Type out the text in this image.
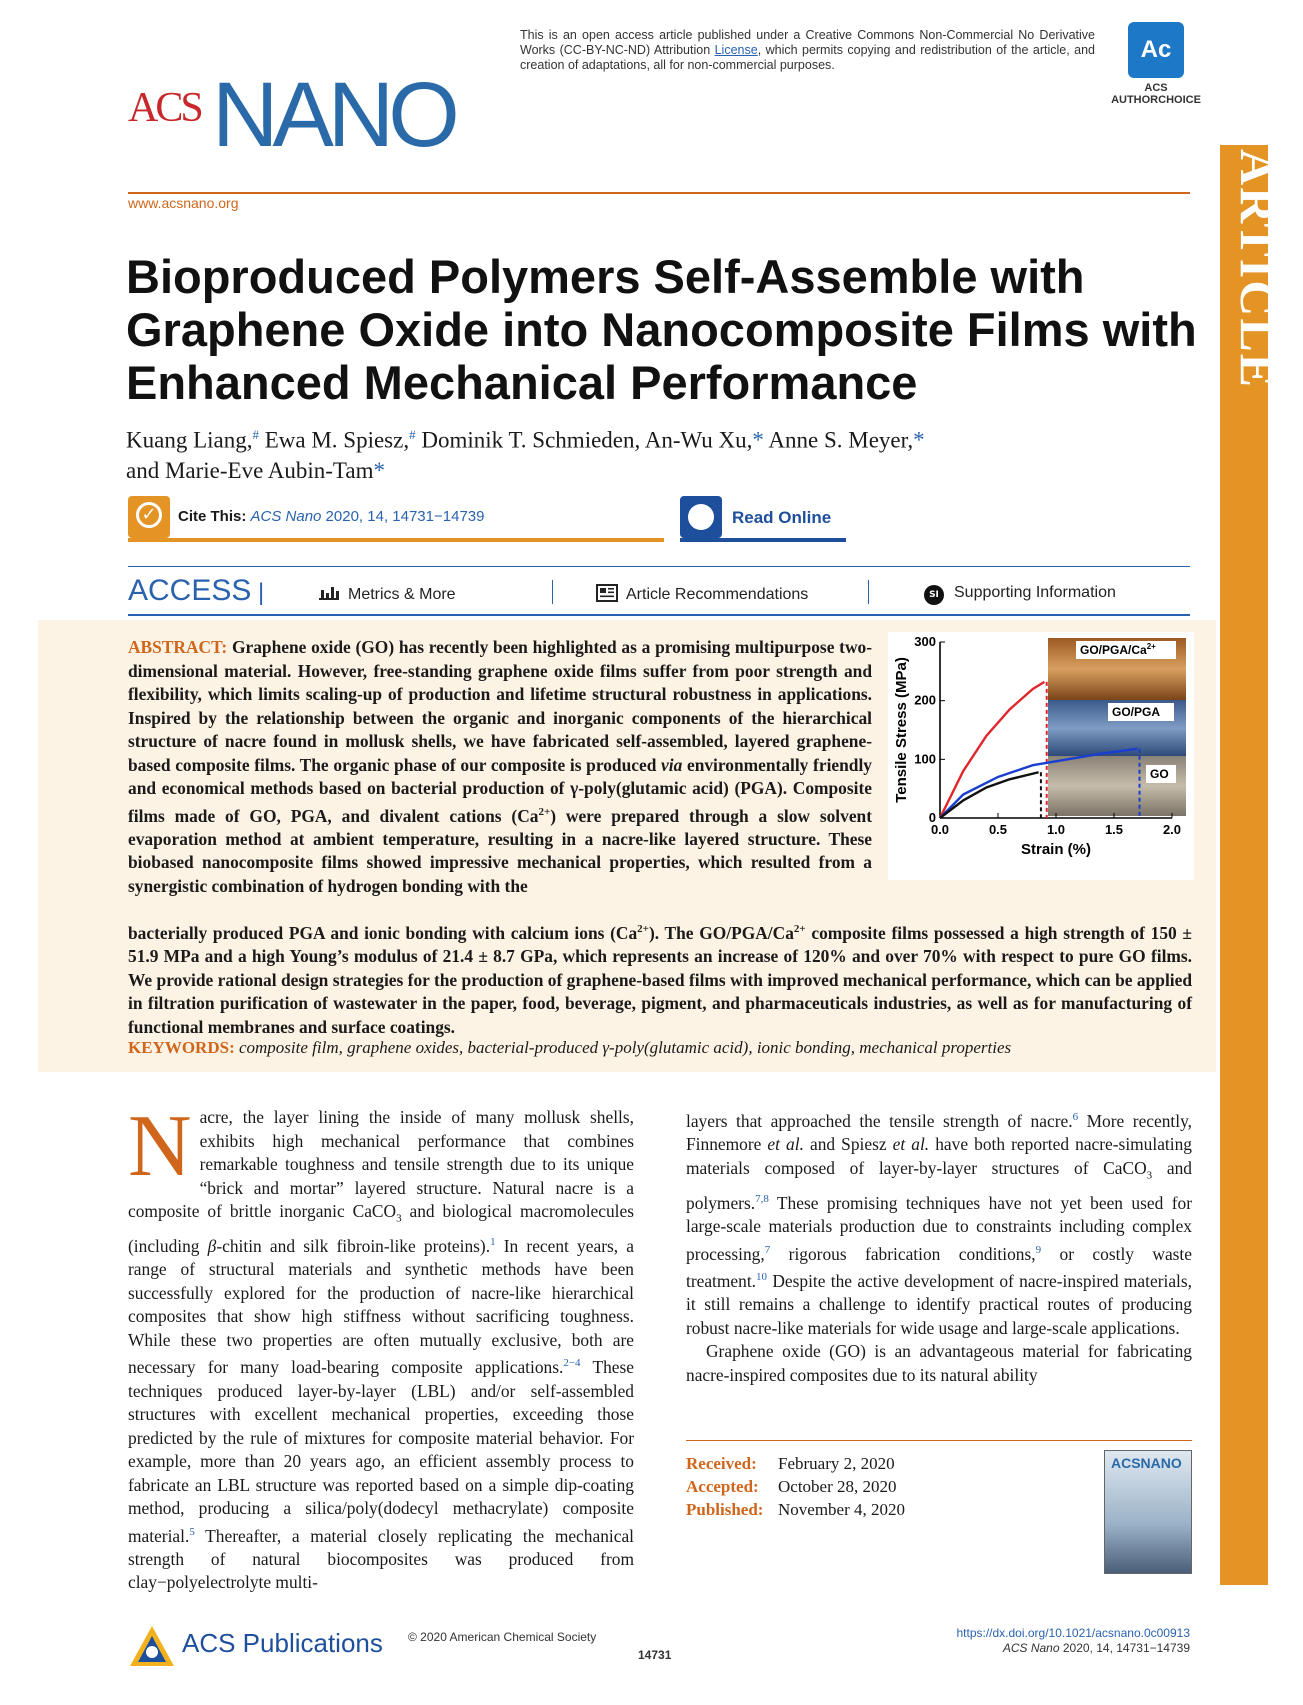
This is an open access article published under a Creative Commons Non-Commercial No Derivative Works (CC-BY-NC-ND) Attribution License, which permits copying and redistribution of the article, and creation of adaptations, all for non-commercial purposes.
Ac
ACS
AUTHORCHOICE
ACS NANO
www.acsnano.org	ARTICLE
Bioproduced Polymers Self-Assemble with Graphene Oxide into Nanocomposite Films with Enhanced Mechanical Performance
Kuang Liang,# Ewa M. Spiesz,# Dominik T. Schmieden, An-Wu Xu,* Anne S. Meyer,*
and Marie-Eve Aubin-Tam*
✓	Cite This: ACS Nano 2020, 14, 14731−14739	Read Online
ACCESS |	Metrics & More	Article Recommendations	SI Supporting Information
ABSTRACT: Graphene oxide (GO) has recently been highlighted as a promising multipurpose two-dimensional material. However, free-standing graphene oxide films suffer from poor strength and flexibility, which limits scaling-up of production and lifetime structural robustness in applications. Inspired by the relationship between the organic and inorganic components of the hierarchical structure of nacre found in mollusk shells, we have fabricated self-assembled, layered graphene-based composite films. The organic phase of our composite is produced via environmentally friendly and economical methods based on bacterial production of γ-poly(glutamic acid) (PGA). Composite films made of GO, PGA, and divalent cations $(Ca^{2+})$ were prepared through a slow solvent evaporation method at ambient temperature, resulting in a nacre-like layered structure. These biobased nanocomposite films showed impressive mechanical properties, which resulted from a synergistic combination of hydrogen bonding with the
bacterially produced PGA and ionic bonding with calcium ions $(Ca^{2+})$. The $GO/PGA/Ca^{2+}$ composite films possessed a high strength of 150 ± 51.9 MPa and a high Young’s modulus of 21.4 ± 8.7 GPa, which represents an increase of 120% and over 70% with respect to pure GO films. We provide rational design strategies for the production of graphene-based films with improved mechanical performance, which can be applied in filtration purification of wastewater in the paper, food, beverage, pigment, and pharmaceuticals industries, as well as for manufacturing of functional membranes and surface coatings.
KEYWORDS: composite film, graphene oxides, bacterial-produced γ-poly(glutamic acid), ionic bonding, mechanical properties
0.0	0.5	1.0	1.5	2.0
0
100
200
300
Strain (%)
Tensile Stress (MPa)
$GO/PGA/Ca^{2+}$
GO/PGA
GO
Nacre, the layer lining the inside of many mollusk shells, exhibits high mechanical performance that combines remarkable toughness and tensile strength due to its unique “brick and mortar” layered structure. Natural nacre is a composite of brittle inorganic CaCO$_3$ and biological macromolecules (including β-chitin and silk fibroin-like proteins).$^1$ In recent years, a range of structural materials and synthetic methods have been successfully explored for the production of nacre-like hierarchical composites that show high stiffness without sacrificing toughness. While these two properties are often mutually exclusive, both are necessary for many load-bearing composite applications.$^{2-4}$ These techniques produced layer-by-layer (LBL) and/or self-assembled structures with excellent mechanical properties, exceeding those predicted by the rule of mixtures for composite material behavior. For example, more than 20 years ago, an efficient assembly process to fabricate an LBL structure was reported based on a simple dip-coating method, producing a silica/poly(dodecyl methacrylate) composite material.$^5$ Thereafter, a material closely replicating the mechanical strength of natural biocomposites was produced from clay−polyelectrolyte multi-
layers that approached the tensile strength of nacre.$^6$ More recently, Finnemore et al. and Spiesz et al. have both reported nacre-simulating materials composed of layer-by-layer structures of CaCO$_3$ and polymers.$^{7,8}$ These promising techniques have not yet been used for large-scale materials production due to constraints including complex processing,$^7$ rigorous fabrication conditions,$^9$ or costly waste treatment.$^{10}$ Despite the active development of nacre-inspired materials, it still remains a challenge to identify practical routes of producing robust nacre-like materials for wide usage and large-scale applications.
Graphene oxide (GO) is an advantageous material for fabricating nacre-inspired composites due to its natural ability
Received: February 2, 2020
Accepted: October 28, 2020
Published: November 4, 2020
ACSNANO
ACS Publications © 2020 American Chemical Society
14731
https://dx.doi.org/10.1021/acsnano.0c00913
ACS Nano 2020, 14, 14731−14739
